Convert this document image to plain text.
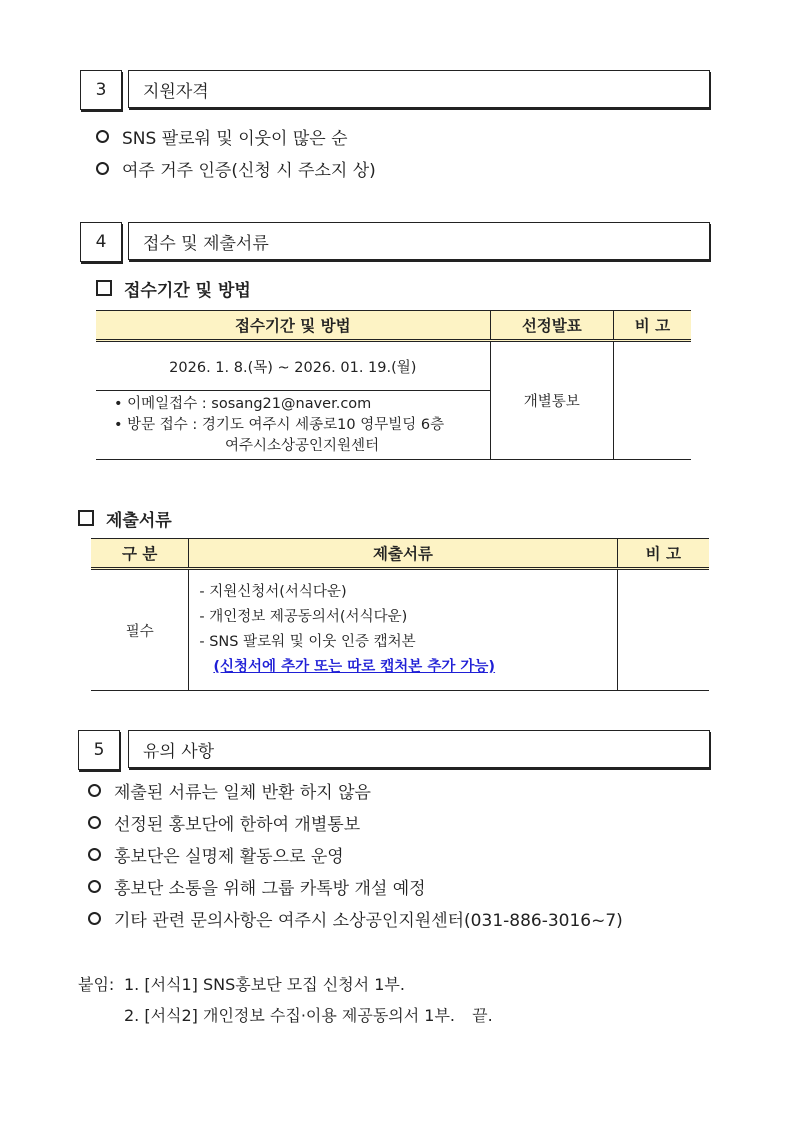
3	지원자격
SNS 팔로워 및 이웃이 많은 순
여주 거주 인증(신청 시 주소지 상)
4	접수 및 제출서류
접수기간 및 방법
접수기간 및 방법	선정발표	비 고
2026. 1. 8.(목) ~ 2026. 01. 19.(월)	개별통보	

• 이메일접수 : sosang21@naver.com
• 방문 접수 : 경기도 여주시 세종로10 영무빌딩 6층
여주시소상공인지원센터		
제출서류
구 분	제출서류	비 고
필수	- 지원신청서(서식다운)
- 개인정보 제공동의서(서식다운)
- SNS 팔로워 및 이웃 인증 캡처본
(신청서에 추가 또는 따로 캡처본 추가 가능)	

5	유의 사항
제출된 서류는 일체 반환 하지 않음
선정된 홍보단에 한하여 개별통보
홍보단은 실명제 활동으로 운영
홍보단 소통을 위해 그룹 카톡방 개설 예정
기타 관련 문의사항은 여주시 소상공인지원센터(031-886-3016~7)
붙임: 1. [서식1] SNS홍보단 모집 신청서 1부.
2. [서식2] 개인정보 수집·이용 제공동의서 1부. 끝.
